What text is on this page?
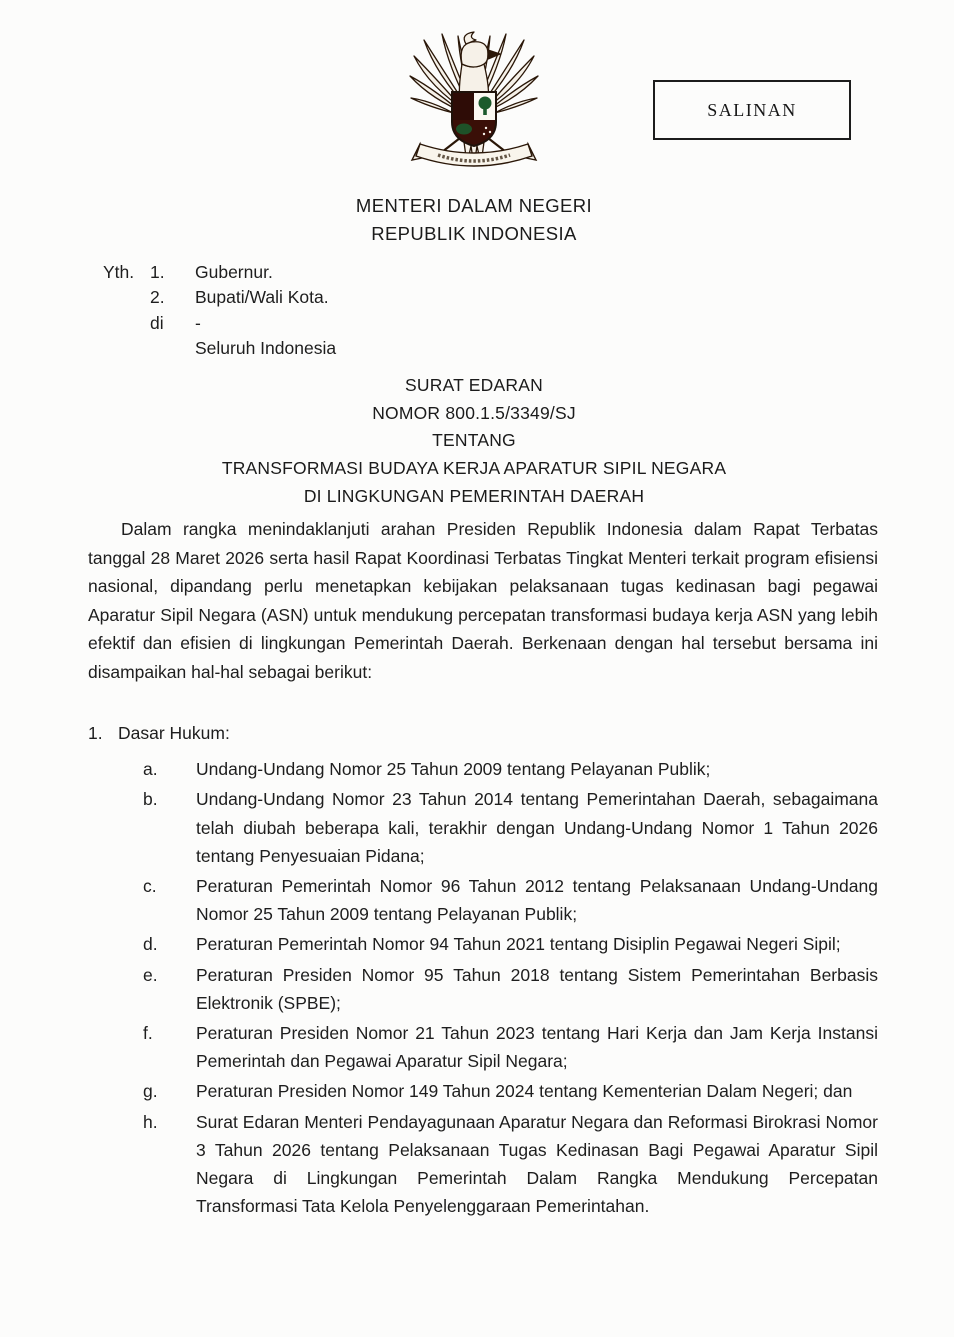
SALINAN
MENTERI DALAM NEGERI
REPUBLIK INDONESIA
Yth. 1.	Gubernur.
2.	Bupati/Wali Kota.
di	-
Seluruh Indonesia
SURAT EDARAN
NOMOR 800.1.5/3349/SJ
TENTANG
TRANSFORMASI BUDAYA KERJA APARATUR SIPIL NEGARA
DI LINGKUNGAN PEMERINTAH DAERAH

Dalam rangka menindaklanjuti arahan Presiden Republik Indonesia dalam Rapat Terbatas tanggal 28 Maret 2026 serta hasil Rapat Koordinasi Terbatas Tingkat Menteri terkait program efisiensi nasional, dipandang perlu menetapkan kebijakan pelaksanaan tugas kedinasan bagi pegawai Aparatur Sipil Negara (ASN) untuk mendukung percepatan transformasi budaya kerja ASN yang lebih efektif dan efisien di lingkungan Pemerintah Daerah. Berkenaan dengan hal tersebut bersama ini disampaikan hal-hal sebagai berikut:

1. Dasar Hukum:
a.	Undang-Undang Nomor 25 Tahun 2009 tentang Pelayanan Publik;
b.	Undang-Undang Nomor 23 Tahun 2014 tentang Pemerintahan Daerah, sebagaimana telah diubah beberapa kali, terakhir dengan Undang-Undang Nomor 1 Tahun 2026 tentang Penyesuaian Pidana;
c.	Peraturan Pemerintah Nomor 96 Tahun 2012 tentang Pelaksanaan Undang-Undang Nomor 25 Tahun 2009 tentang Pelayanan Publik;
d.	Peraturan Pemerintah Nomor 94 Tahun 2021 tentang Disiplin Pegawai Negeri Sipil;
e.	Peraturan Presiden Nomor 95 Tahun 2018 tentang Sistem Pemerintahan Berbasis Elektronik (SPBE);
f.	Peraturan Presiden Nomor 21 Tahun 2023 tentang Hari Kerja dan Jam Kerja Instansi Pemerintah dan Pegawai Aparatur Sipil Negara;
g.	Peraturan Presiden Nomor 149 Tahun 2024 tentang Kementerian Dalam Negeri; dan
h.	Surat Edaran Menteri Pendayagunaan Aparatur Negara dan Reformasi Birokrasi Nomor 3 Tahun 2026 tentang Pelaksanaan Tugas Kedinasan Bagi Pegawai Aparatur Sipil Negara di Lingkungan Pemerintah Dalam Rangka Mendukung Percepatan Transformasi Tata Kelola Penyelenggaraan Pemerintahan.
